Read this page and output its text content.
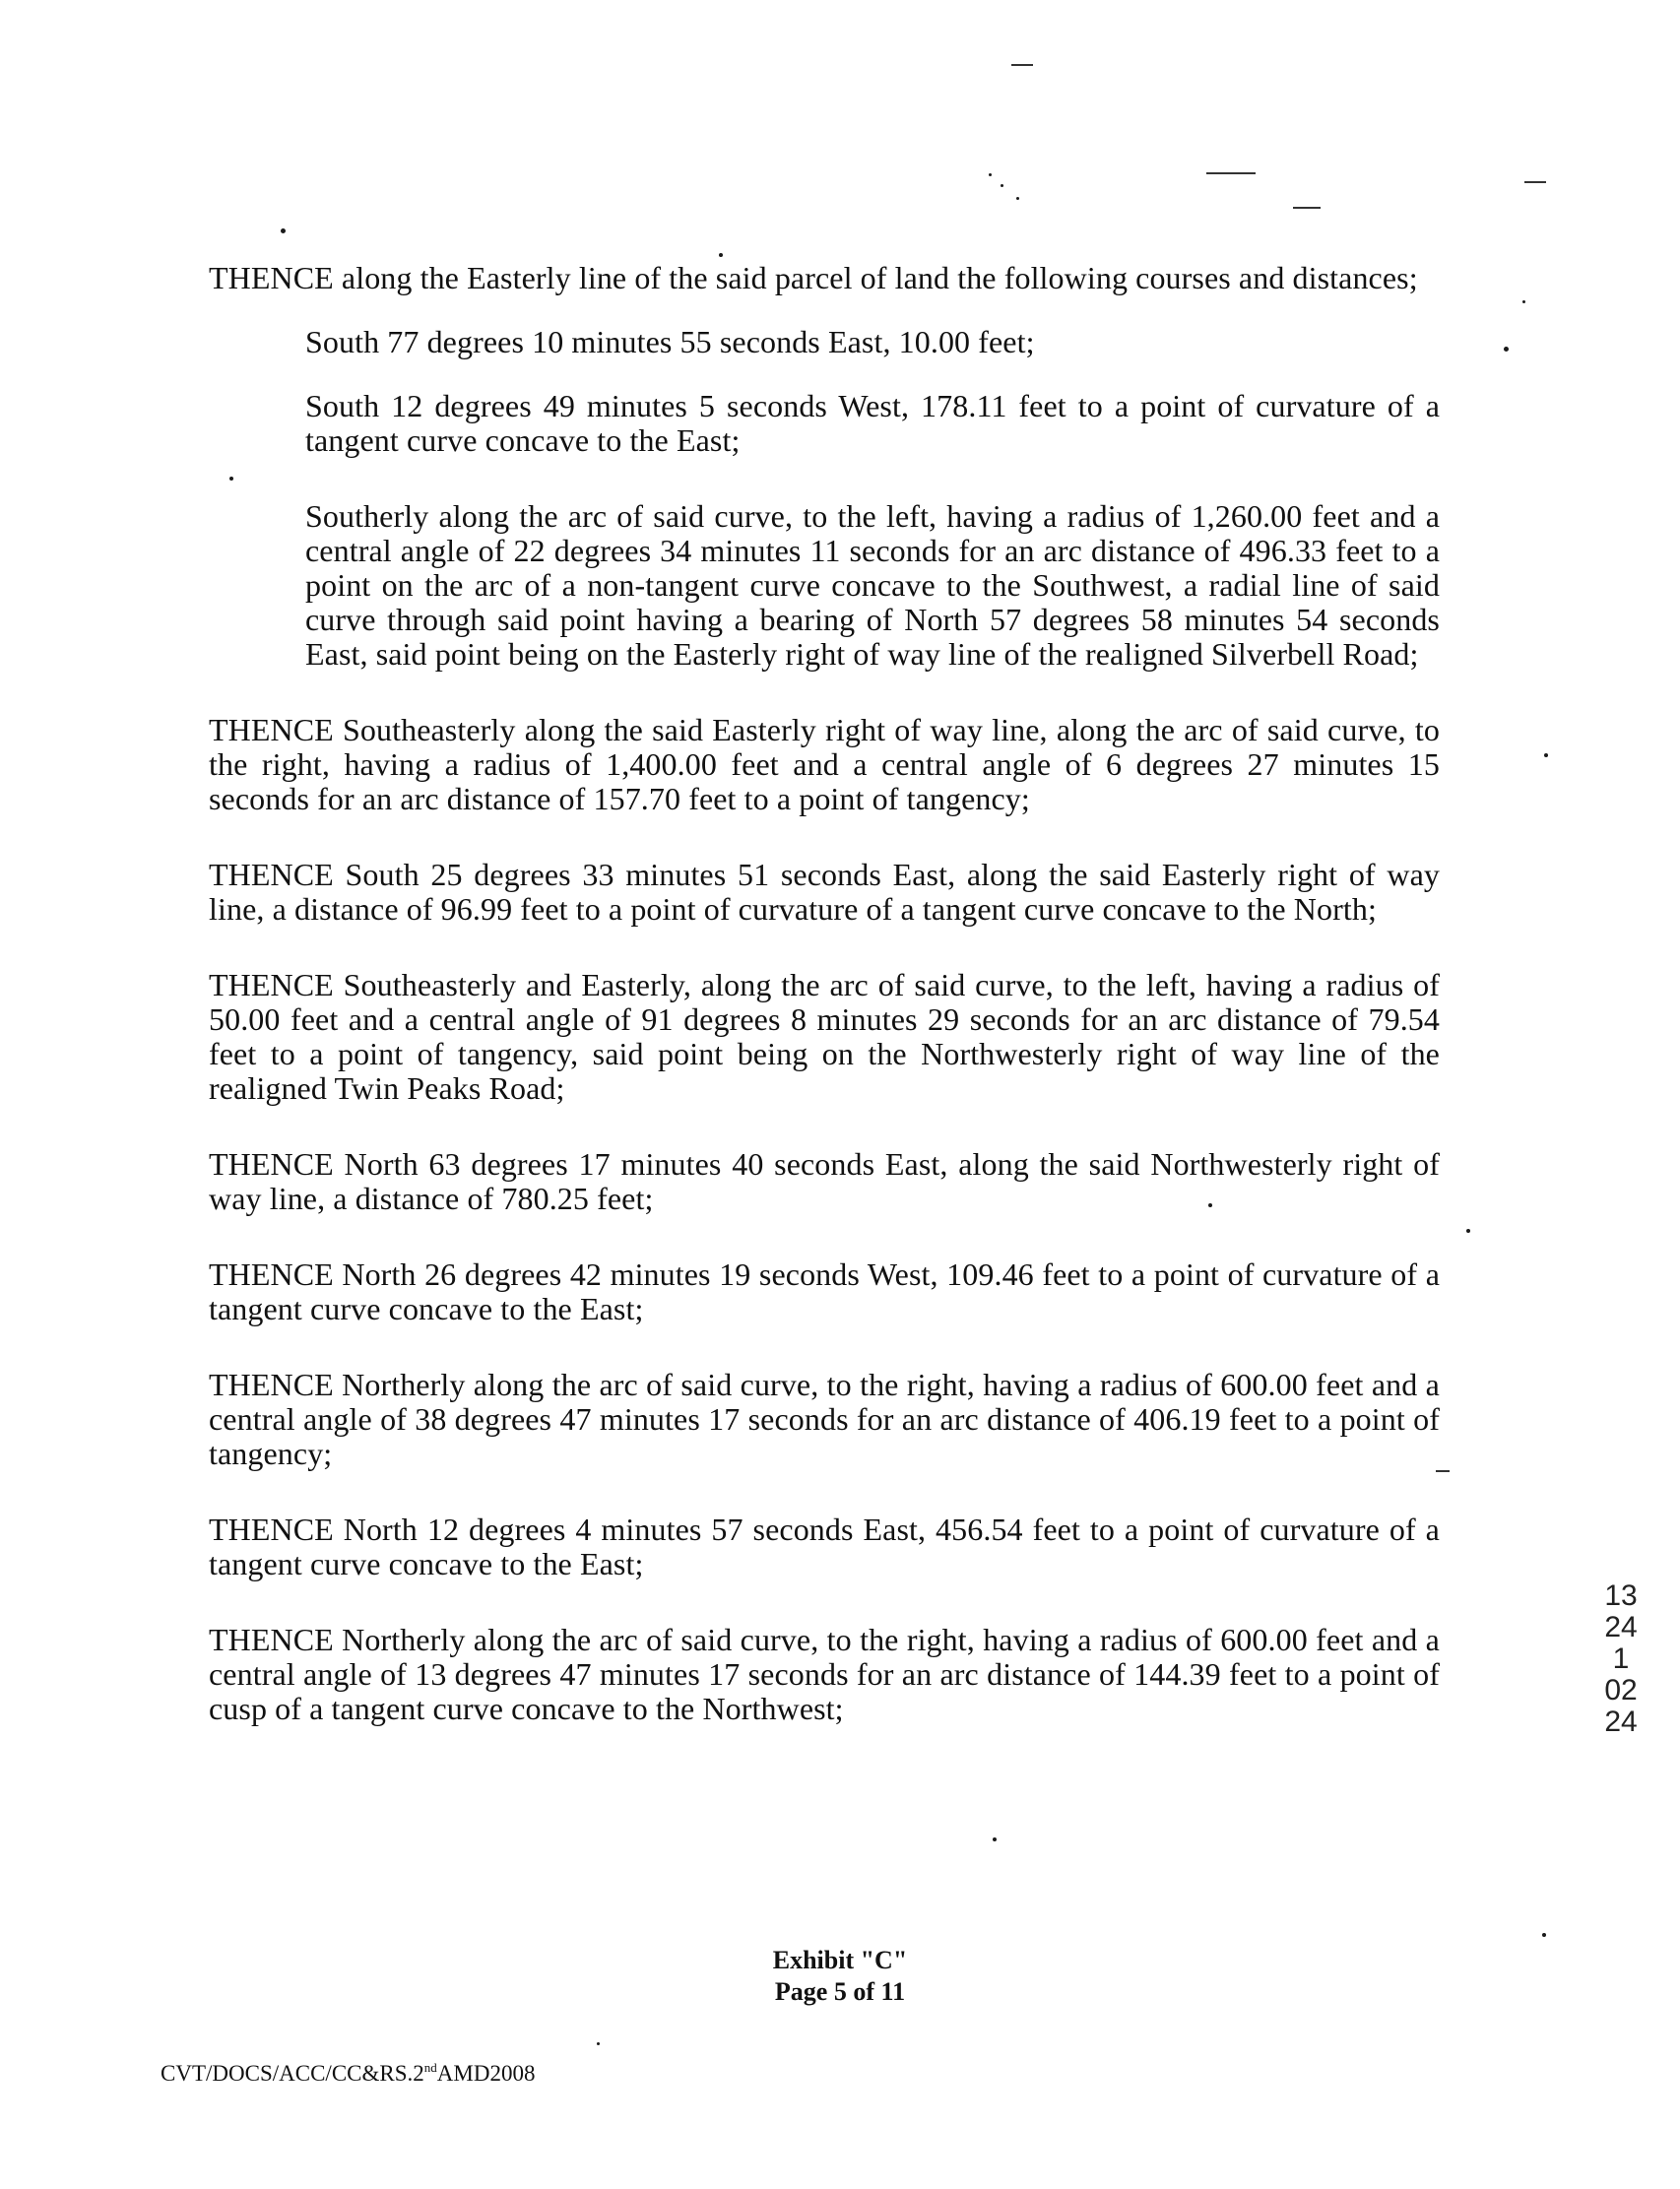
THENCE along the Easterly line of the said parcel of land the following courses and distances;

South 77 degrees 10 minutes 55 seconds East, 10.00 feet;

South 12 degrees 49 minutes 5 seconds West, 178.11 feet to a point of curvature of a tangent curve concave to the East;

Southerly along the arc of said curve, to the left, having a radius of 1,260.00 feet and a central angle of 22 degrees 34 minutes 11 seconds for an arc distance of 496.33 feet to a point on the arc of a non-tangent curve concave to the Southwest, a radial line of said curve through said point having a bearing of North 57 degrees 58 minutes 54 seconds East, said point being on the Easterly right of way line of the realigned Silverbell Road;

THENCE Southeasterly along the said Easterly right of way line, along the arc of said curve, to the right, having a radius of 1,400.00 feet and a central angle of 6 degrees 27 minutes 15 seconds for an arc distance of 157.70 feet to a point of tangency;

THENCE South 25 degrees 33 minutes 51 seconds East, along the said Easterly right of way line, a distance of 96.99 feet to a point of curvature of a tangent curve concave to the North;

THENCE Southeasterly and Easterly, along the arc of said curve, to the left, having a radius of 50.00 feet and a central angle of 91 degrees 8 minutes 29 seconds for an arc distance of 79.54 feet to a point of tangency, said point being on the Northwesterly right of way line of the realigned Twin Peaks Road;

THENCE North 63 degrees 17 minutes 40 seconds East, along the said Northwesterly right of way line, a distance of 780.25 feet;

THENCE North 26 degrees 42 minutes 19 seconds West, 109.46 feet to a point of curvature of a tangent curve concave to the East;

THENCE Northerly along the arc of said curve, to the right, having a radius of 600.00 feet and a central angle of 38 degrees 47 minutes 17 seconds for an arc distance of 406.19 feet to a point of tangency;

THENCE North 12 degrees 4 minutes 57 seconds East, 456.54 feet to a point of curvature of a tangent curve concave to the East;

THENCE Northerly along the arc of said curve, to the right, having a radius of 600.00 feet and a central angle of 13 degrees 47 minutes 17 seconds for an arc distance of 144.39 feet to a point of cusp of a tangent curve concave to the Northwest;

Exhibit "C"
Page 5 of 11
CVT/DOCS/ACC/CC&RS.2ndAMD2008
13241 0224
